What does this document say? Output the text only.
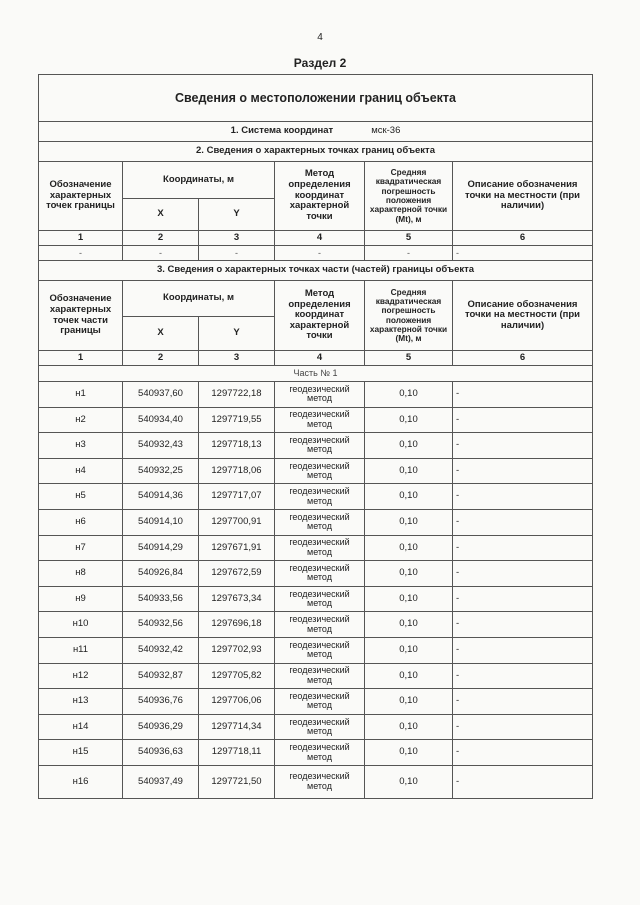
4
Раздел 2
Сведения о местоположении границ объекта					
1. Система координат мск-36					
2. Сведения о характерных точках границ объекта					
Обозначение характерных точек границы	Координаты, м		Метод определения координат характерной точки	Средняя квадратическая погрешность положения характерной точки (Mt), м	Описание обозначения точки на местности (при наличии)
	X	Y			
1	2	3	4	5	6
-	-	-	-	-	-
3. Сведения о характерных точках части (частей) границы объекта					
Обозначение характерных точек части границы	Координаты, м		Метод определения координат характерной точки	Средняя квадратическая погрешность положения характерной точки (Mt), м	Описание обозначения точки на местности (при наличии)
	X	Y			
1	2	3	4	5	6
Часть № 1					
н1	540937,60	1297722,18	геодезический метод	0,10	-
н2	540934,40	1297719,55	геодезический метод	0,10	-
н3	540932,43	1297718,13	геодезический метод	0,10	-
н4	540932,25	1297718,06	геодезический метод	0,10	-
н5	540914,36	1297717,07	геодезический метод	0,10	-
н6	540914,10	1297700,91	геодезический метод	0,10	-
н7	540914,29	1297671,91	геодезический метод	0,10	-
н8	540926,84	1297672,59	геодезический метод	0,10	-
н9	540933,56	1297673,34	геодезический метод	0,10	-
н10	540932,56	1297696,18	геодезический метод	0,10	-
н11	540932,42	1297702,93	геодезический метод	0,10	-
н12	540932,87	1297705,82	геодезический метод	0,10	-
н13	540936,76	1297706,06	геодезический метод	0,10	-
н14	540936,29	1297714,34	геодезический метод	0,10	-
н15	540936,63	1297718,11	геодезический метод	0,10	-
н16	540937,49	1297721,50	геодезический метод	0,10	-
